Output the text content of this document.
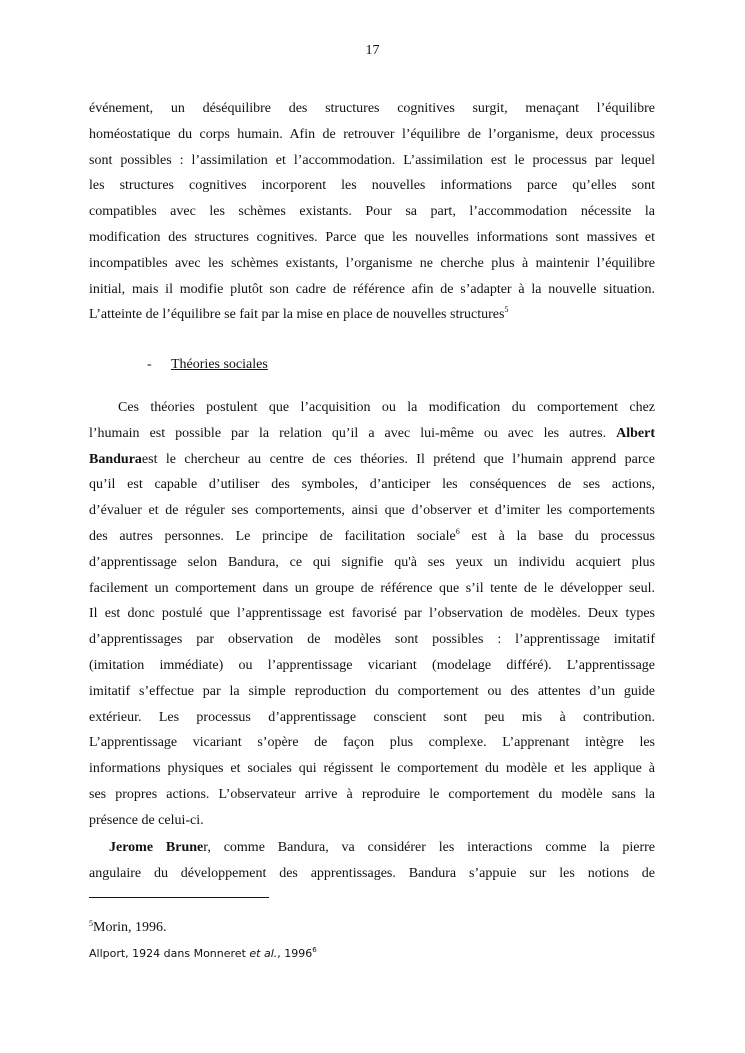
17
événement, un déséquilibre des structures cognitives surgit, menaçant l’équilibre
homéostatique du corps humain. Afin de retrouver l’équilibre de l’organisme, deux processus
sont possibles : l’assimilation et l’accommodation. L’assimilation est le processus par lequel
les structures cognitives incorporent les nouvelles informations parce qu’elles sont
compatibles avec les schèmes existants. Pour sa part, l’accommodation nécessite la
modification des structures cognitives. Parce que les nouvelles informations sont massives et
incompatibles avec les schèmes existants, l’organisme ne cherche plus à maintenir l’équilibre
initial, mais il modifie plutôt son cadre de référence afin de s’adapter à la nouvelle situation.
L’atteinte de l’équilibre se fait par la mise en place de nouvelles structures$^5$
- Théories sociales
Ces théories postulent que l’acquisition ou la modification du comportement chez
l’humain est possible par la relation qu’il a avec lui-même ou avec les autres. Albert
Banduraest le chercheur au centre de ces théories. Il prétend que l’humain apprend parce
qu’il est capable d’utiliser des symboles, d’anticiper les conséquences de ses actions,
d’évaluer et de réguler ses comportements, ainsi que d’observer et d’imiter les comportements
des autres personnes. Le principe de facilitation sociale$^6$ est à la base du processus
d’apprentissage selon Bandura, ce qui signifie qu'à ses yeux un individu acquiert plus
facilement un comportement dans un groupe de référence que s’il tente de le développer seul.
Il est donc postulé que l’apprentissage est favorisé par l’observation de modèles. Deux types
d’apprentissages par observation de modèles sont possibles : l’apprentissage imitatif
(imitation immédiate) ou l’apprentissage vicariant (modelage différé). L’apprentissage
imitatif s’effectue par la simple reproduction du comportement ou des attentes d’un guide
extérieur. Les processus d’apprentissage conscient sont peu mis à contribution.
L’apprentissage vicariant s’opère de façon plus complexe. L’apprenant intègre les
informations physiques et sociales qui régissent le comportement du modèle et les applique à
ses propres actions. L’observateur arrive à reproduire le comportement du modèle sans la
présence de celui-ci.
Jerome Bruner, comme Bandura, va considérer les interactions comme la pierre
angulaire du développement des apprentissages. Bandura s’appuie sur les notions de
$^5$Morin, 1996.
Allport, 1924 dans Monneret et al., 1996$^6$
